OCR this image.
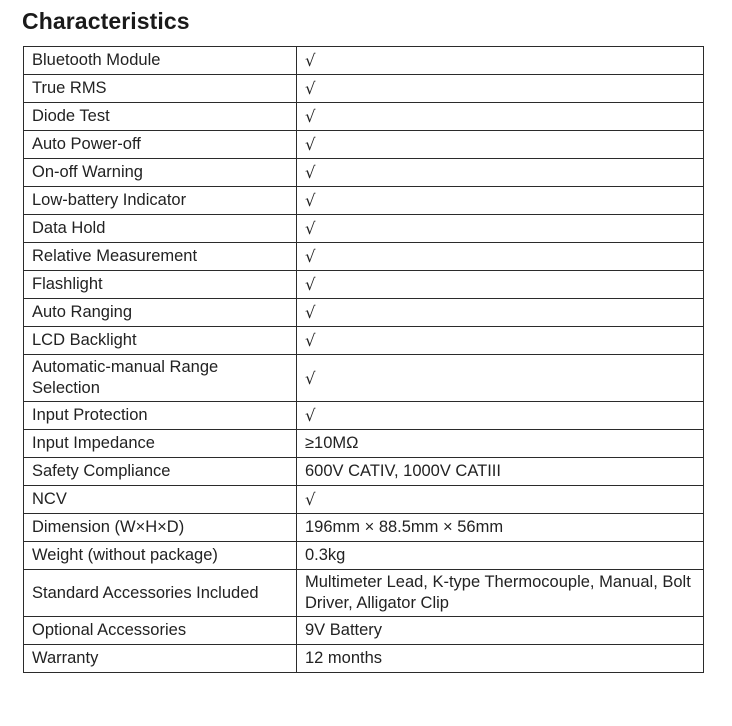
Characteristics
Bluetooth Module	√
True RMS	√
Diode Test	√
Auto Power-off	√
On-off Warning	√
Low-battery Indicator	√
Data Hold	√
Relative Measurement	√
Flashlight	√
Auto Ranging	√
LCD Backlight	√
Automatic-manual Range Selection	√
Input Protection	√
Input Impedance	≥10MΩ
Safety Compliance	600V CATIV, 1000V CATIII
NCV	√
Dimension (W×H×D)	196mm × 88.5mm × 56mm
Weight (without package)	0.3kg
Standard Accessories Included	Multimeter Lead, K-type Thermocouple, Manual, Bolt Driver, Alligator Clip
Optional Accessories	9V Battery
Warranty	12 months
